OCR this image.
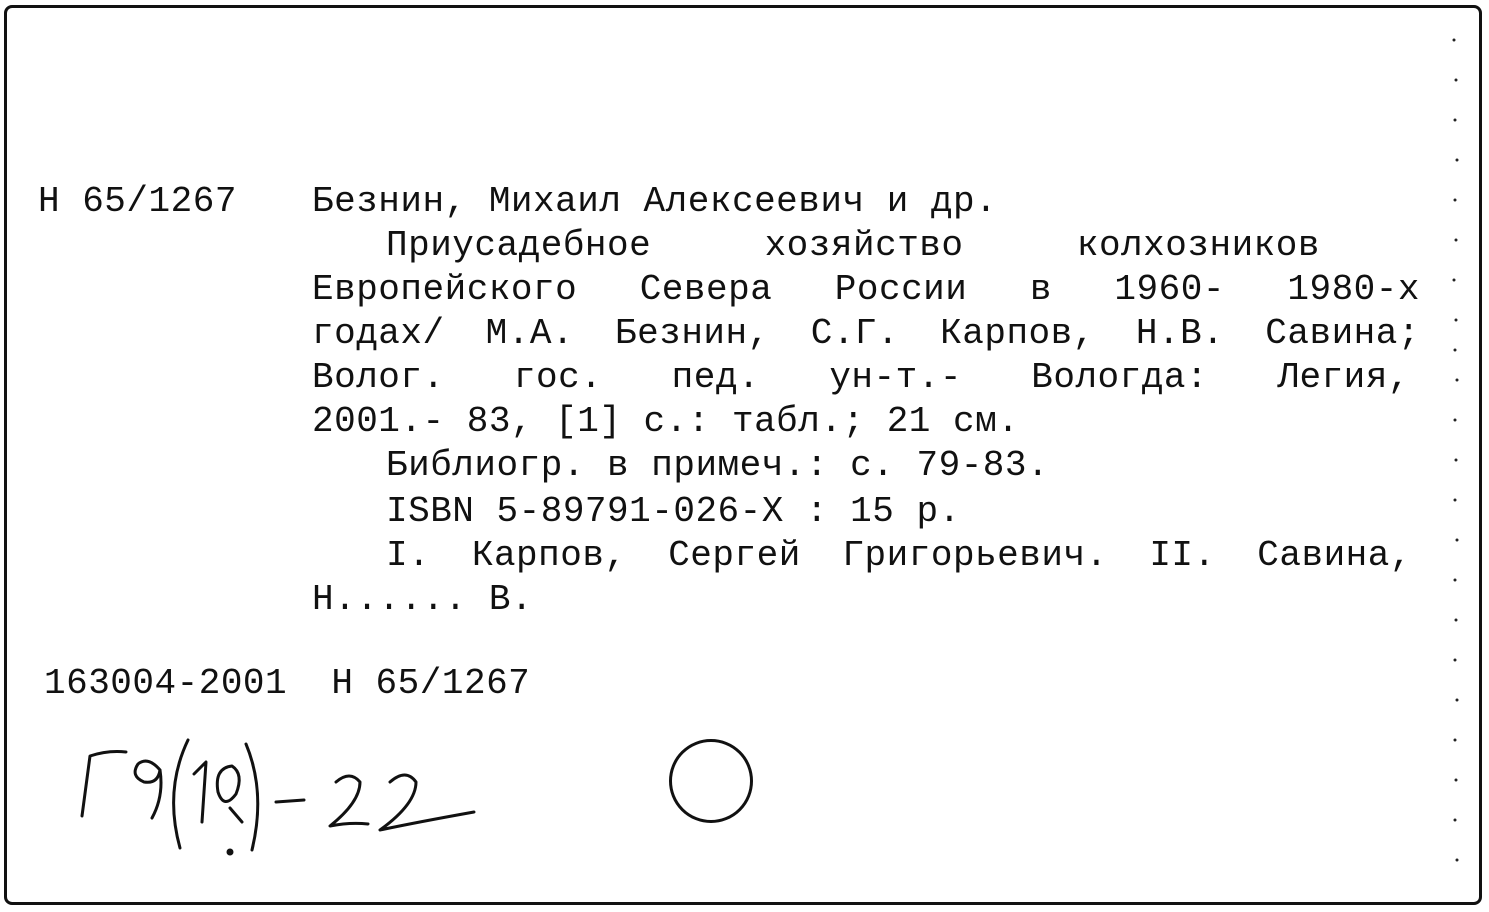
Н 65/1267 Безнин, Михаил Алексеевич и др.
Приусадебное хозяйство колхозников
Европейского Севера России в 1960- 1980-х
годах/ М.А. Безнин, С.Г. Карпов, Н.В. Савина;
Волог. гос. пед. ун-т.- Вологда: Легия,
2001.- 83, [1] с.: табл.; 21 см.
Библиогр. в примеч.: с. 79-83.
ISBN 5-89791-026-X : 15 р.
I. Карпов, Сергей Григорьевич. II. Савина,
Н...... В.
163004-2001  Н 65/1267
